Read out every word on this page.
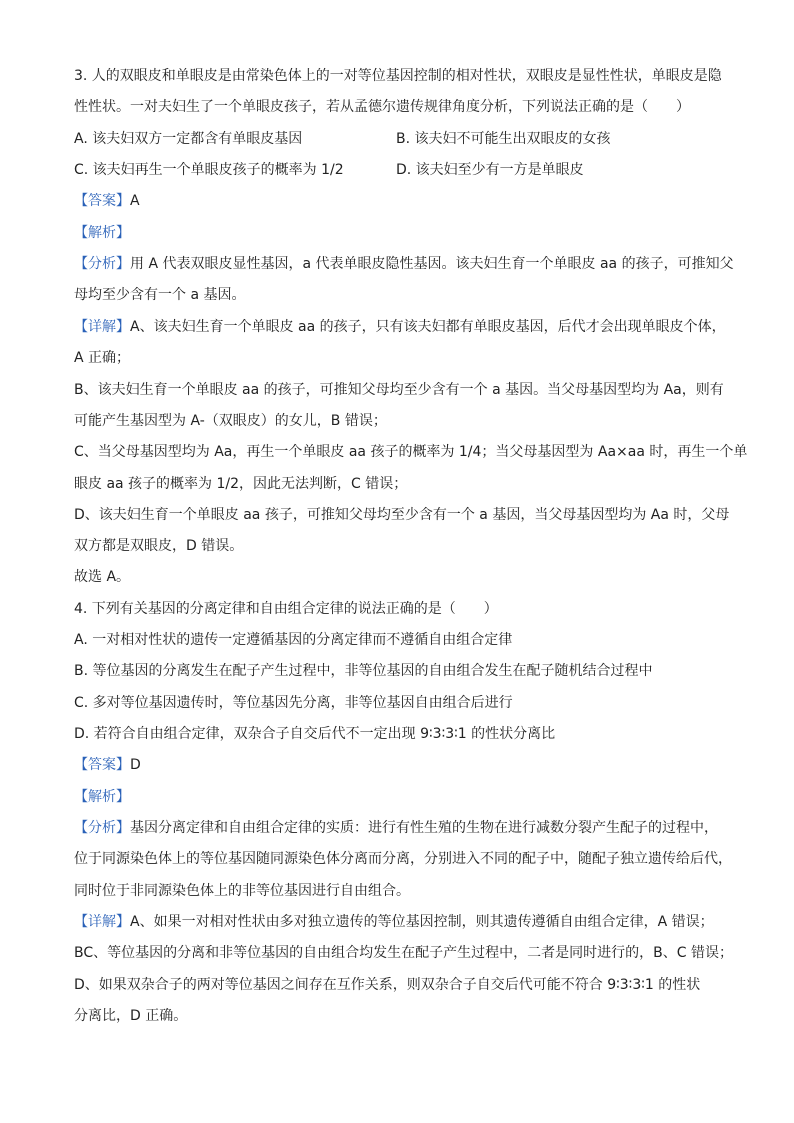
3. 人的双眼皮和单眼皮是由常染色体上的一对等位基因控制的相对性状，双眼皮是显性性状，单眼皮是隐
性性状。一对夫妇生了一个单眼皮孩子，若从孟德尔遗传规律角度分析，下列说法正确的是（　　）
A. 该夫妇双方一定都含有单眼皮基因	B. 该夫妇不可能生出双眼皮的女孩
C. 该夫妇再生一个单眼皮孩子的概率为 1/2	D. 该夫妇至少有一方是单眼皮
【答案】A
【解析】
【分析】用 A 代表双眼皮显性基因，a 代表单眼皮隐性基因。该夫妇生育一个单眼皮 aa 的孩子，可推知父
母均至少含有一个 a 基因。
【详解】A、该夫妇生育一个单眼皮 aa 的孩子，只有该夫妇都有单眼皮基因，后代才会出现单眼皮个体，
A 正确；
B、该夫妇生育一个单眼皮 aa 的孩子，可推知父母均至少含有一个 a 基因。当父母基因型均为 Aa，则有
可能产生基因型为 A-（双眼皮）的女儿，B 错误；
C、当父母基因型均为 Aa，再生一个单眼皮 aa 孩子的概率为 1/4；当父母基因型为 Aa×aa 时，再生一个单
眼皮 aa 孩子的概率为 1/2，因此无法判断，C 错误；
D、该夫妇生育一个单眼皮 aa 孩子，可推知父母均至少含有一个 a 基因，当父母基因型均为 Aa 时，父母
双方都是双眼皮，D 错误。
故选 A。
4. 下列有关基因的分离定律和自由组合定律的说法正确的是（　　）
A. 一对相对性状的遗传一定遵循基因的分离定律而不遵循自由组合定律
B. 等位基因的分离发生在配子产生过程中，非等位基因的自由组合发生在配子随机结合过程中
C. 多对等位基因遗传时，等位基因先分离，非等位基因自由组合后进行
D. 若符合自由组合定律，双杂合子自交后代不一定出现 9∶3∶3∶1 的性状分离比
【答案】D
【解析】
【分析】基因分离定律和自由组合定律的实质：进行有性生殖的生物在进行减数分裂产生配子的过程中，
位于同源染色体上的等位基因随同源染色体分离而分离，分别进入不同的配子中，随配子独立遗传给后代，
同时位于非同源染色体上的非等位基因进行自由组合。
【详解】A、如果一对相对性状由多对独立遗传的等位基因控制，则其遗传遵循自由组合定律，A 错误；
BC、等位基因的分离和非等位基因的自由组合均发生在配子产生过程中，二者是同时进行的，B、C 错误；
D、如果双杂合子的两对等位基因之间存在互作关系，则双杂合子自交后代可能不符合 9∶3∶3∶1 的性状
分离比，D 正确。
